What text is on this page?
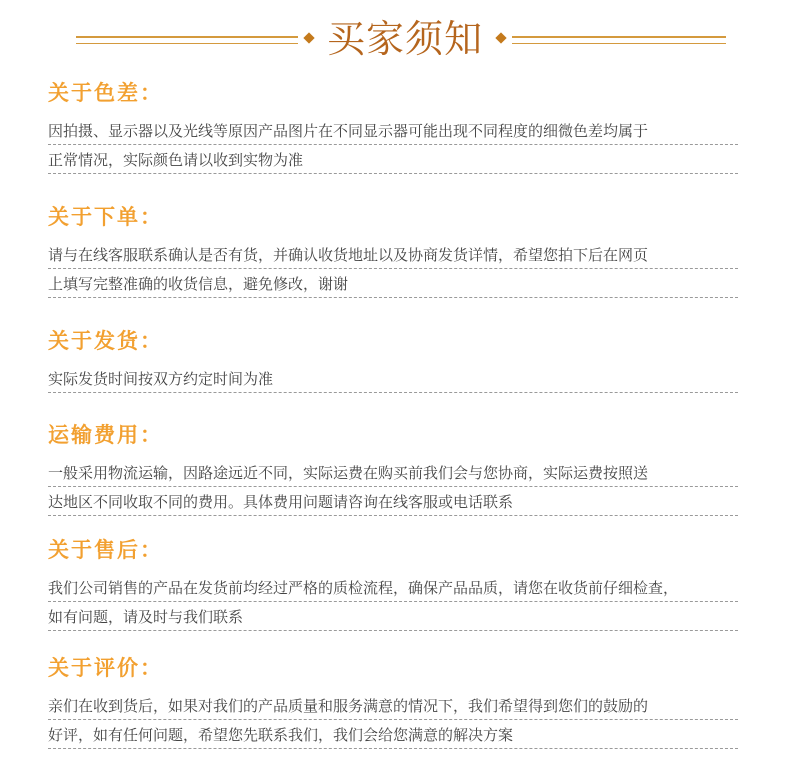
买家须知
关于色差：
因拍摄、显示器以及光线等原因产品图片在不同显示器可能出现不同程度的细微色差均属于
正常情况，实际颜色请以收到实物为准
关于下单：
请与在线客服联系确认是否有货，并确认收货地址以及协商发货详情，希望您拍下后在网页
上填写完整准确的收货信息，避免修改，谢谢
关于发货：
实际发货时间按双方约定时间为准
运输费用：
一般采用物流运输，因路途远近不同，实际运费在购买前我们会与您协商，实际运费按照送
达地区不同收取不同的费用。具体费用问题请咨询在线客服或电话联系
关于售后：
我们公司销售的产品在发货前均经过严格的质检流程，确保产品品质，请您在收货前仔细检查，
如有问题，请及时与我们联系
关于评价：
亲们在收到货后，如果对我们的产品质量和服务满意的情况下，我们希望得到您们的鼓励的
好评，如有任何问题，希望您先联系我们，我们会给您满意的解决方案
